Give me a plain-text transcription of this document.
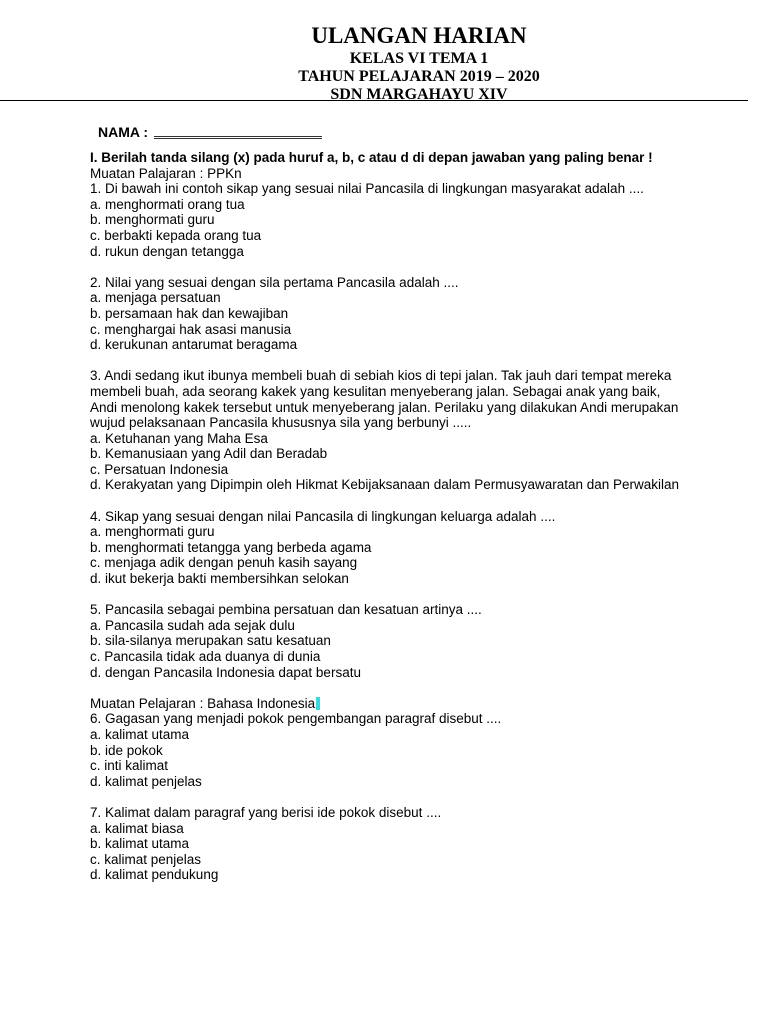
ULANGAN HARIAN
KELAS VI TEMA 1
TAHUN PELAJARAN 2019 – 2020
SDN MARGAHAYU XIV
NAMA :
I. Berilah tanda silang (x) pada huruf a, b, c atau d di depan jawaban yang paling benar !
Muatan Palajaran : PPKn
1. Di bawah ini contoh sikap yang sesuai nilai Pancasila di lingkungan masyarakat adalah ....
a. menghormati orang tua
b. menghormati guru
c. berbakti kepada orang tua
d. rukun dengan tetangga
2. Nilai yang sesuai dengan sila pertama Pancasila adalah ....
a. menjaga persatuan
b. persamaan hak dan kewajiban
c. menghargai hak asasi manusia
d. kerukunan antarumat beragama
3. Andi sedang ikut ibunya membeli buah di sebiah kios di tepi jalan. Tak jauh dari tempat mereka membeli buah, ada seorang kakek yang kesulitan menyeberang jalan. Sebagai anak yang baik, Andi menolong kakek tersebut untuk menyeberang jalan. Perilaku yang dilakukan Andi merupakan wujud pelaksanaan Pancasila khususnya sila yang berbunyi .....
a. Ketuhanan yang Maha Esa
b. Kemanusiaan yang Adil dan Beradab
c. Persatuan Indonesia
d. Kerakyatan yang Dipimpin oleh Hikmat Kebijaksanaan dalam Permusyawaratan dan Perwakilan
4. Sikap yang sesuai dengan nilai Pancasila di lingkungan keluarga adalah ....
a. menghormati guru
b. menghormati tetangga yang berbeda agama
c. menjaga adik dengan penuh kasih sayang
d. ikut bekerja bakti membersihkan selokan
5. Pancasila sebagai pembina persatuan dan kesatuan artinya ....
a. Pancasila sudah ada sejak dulu
b. sila-silanya merupakan satu kesatuan
c. Pancasila tidak ada duanya di dunia
d. dengan Pancasila Indonesia dapat bersatu
Muatan Pelajaran : Bahasa Indonesia
6. Gagasan yang menjadi pokok pengembangan paragraf disebut ....
a. kalimat utama
b. ide pokok
c. inti kalimat
d. kalimat penjelas
7. Kalimat dalam paragraf yang berisi ide pokok disebut ....
a. kalimat biasa
b. kalimat utama
c. kalimat penjelas
d. kalimat pendukung
